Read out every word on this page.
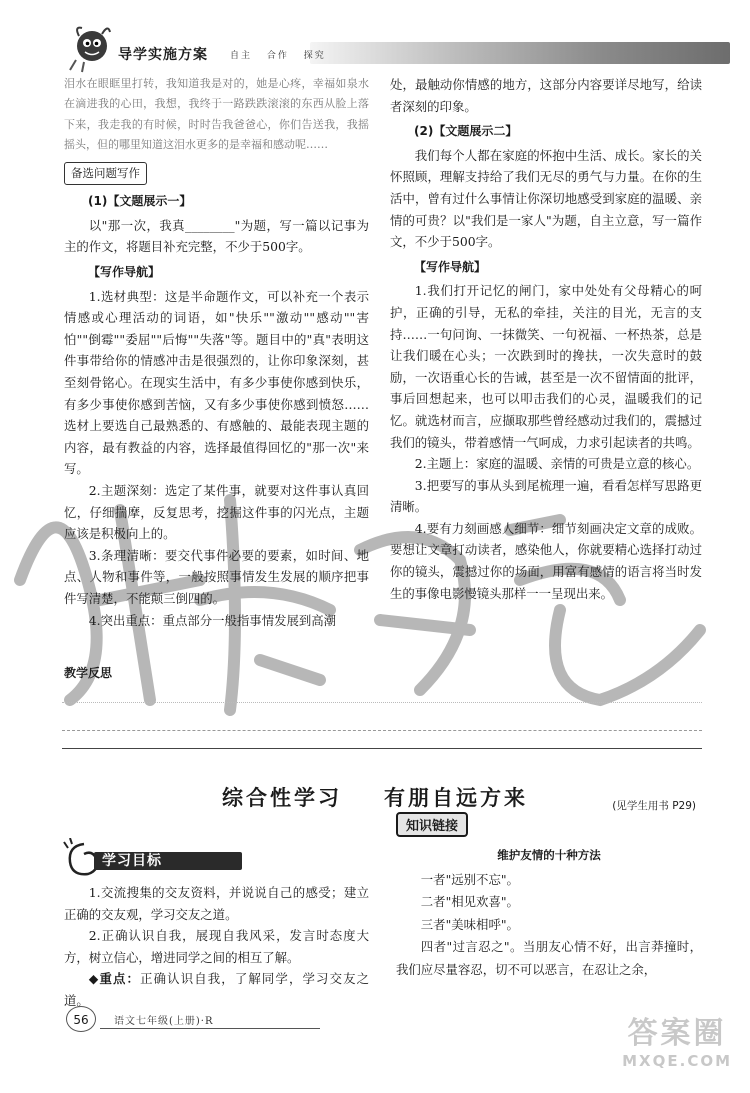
导学实施方案 自主 合作 探究

泪水在眼眶里打转，我知道我是对的，她是心疼，幸福如泉水在滴进我的心田，我想，我终于一路跌跌滚滚的东西从脸上落下来，我走我的有时候，时时告我爸爸心，你们告送我，我摇摇头，但的哪里知道这泪水更多的是幸福和感动呢……

备选问题写作

(1)【文题展示一】

以"那一次，我真________"为题，写一篇以记事为主的作文，将题目补充完整，不少于500字。

【写作导航】

1.选材典型：这是半命题作文，可以补充一个表示情感或心理活动的词语，如"快乐""激动""感动""害怕""倒霉""委屈""后悔""失落"等。题目中的"真"表明这件事带给你的情感冲击是很强烈的，让你印象深刻，甚至刻骨铭心。在现实生活中，有多少事使你感到快乐，有多少事使你感到苦恼，又有多少事使你感到愤怒……选材上要选自己最熟悉的、有感触的、最能表现主题的内容，最有教益的内容，选择最值得回忆的"那一次"来写。

2.主题深刻：选定了某件事，就要对这件事认真回忆，仔细揣摩，反复思考，挖掘这件事的闪光点，主题应该是积极向上的。

3.条理清晰：要交代事件必要的要素，如时间、地点、人物和事件等，一般按照事情发生发展的顺序把事件写清楚，不能颠三倒四的。

4.突出重点：重点部分一般指事情发展到高潮

处，最触动你情感的地方，这部分内容要详尽地写，给读者深刻的印象。

(2)【文题展示二】

我们每个人都在家庭的怀抱中生活、成长。家长的关怀照顾，理解支持给了我们无尽的勇气与力量。在你的生活中，曾有过什么事情让你深切地感受到家庭的温暖、亲情的可贵？以"我们是一家人"为题，自主立意，写一篇作文，不少于500字。

【写作导航】

1.我们打开记忆的闸门，家中处处有父母精心的呵护，正确的引导，无私的牵挂，关注的目光，无言的支持……一句问询、一抹微笑、一句祝福、一杯热茶，总是让我们暖在心头；一次跌到时的搀扶，一次失意时的鼓励，一次语重心长的告诫，甚至是一次不留情面的批评，事后回想起来，也可以叩击我们的心灵，温暖我们的记忆。就选材而言，应撷取那些曾经感动过我们的，震撼过我们的镜头，带着感情一气呵成，力求引起读者的共鸣。

2.主题上：家庭的温暖、亲情的可贵是立意的核心。

3.把要写的事从头到尾梳理一遍，看看怎样写思路更清晰。

4.要有力刻画感人细节：细节刻画决定文章的成败。要想让文章打动读者，感染他人，你就要精心选择打动过你的镜头，震撼过你的场面，用富有感情的语言将当时发生的事像电影慢镜头那样一一呈现出来。

教学反思
综合性学习 有朋自远方来	(见学生用书 P29)
学习目标

1.交流搜集的交友资料，并说说自己的感受；建立正确的交友观，学习交友之道。

2.正确认识自我，展现自我风采，发言时态度大方，树立信心，增进同学之间的相互了解。

◆重点：正确认识自我，了解同学，学习交友之道。

知识链接
维护友情的十种方法

一者"远别不忘"。

二者"相见欢喜"。

三者"美味相呼"。

四者"过言忍之"。当朋友心情不好，出言莽撞时，我们应尽量容忍，切不可以恶言，在忍让之余，

56	语文七年级(上册)·R	答案圈
MXQE.COM
